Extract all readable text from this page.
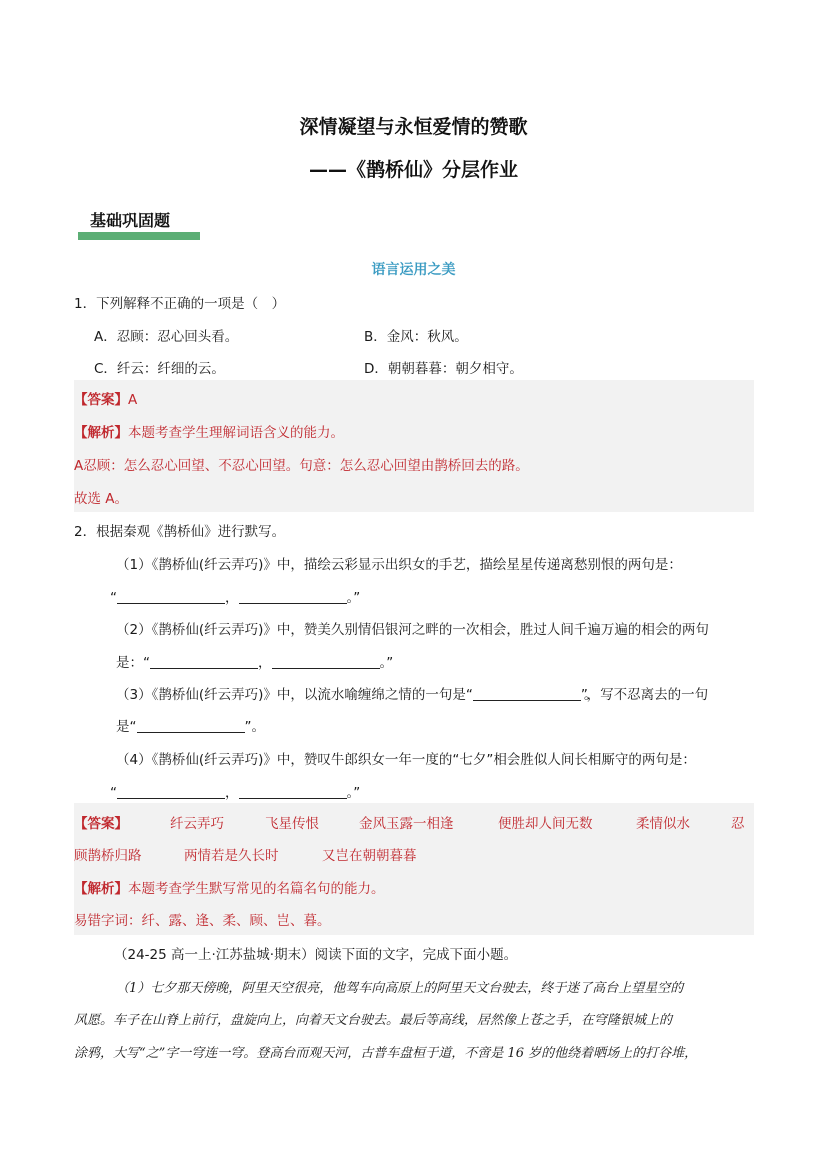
深情凝望与永恒爱情的赞歌
——《鹊桥仙》分层作业
基础巩固题
语言运用之美
1．下列解释不正确的一项是（　）
A．忍顾：忍心回头看。	B．金风：秋风。
C．纤云：纤细的云。	D．朝朝暮暮：朝夕相守。
【答案】A
【解析】本题考查学生理解词语含义的能力。
A忍顾：怎么忍心回望、不忍心回望。句意：怎么忍心回望由鹊桥回去的路。
故选 A。
2．根据秦观《鹊桥仙》进行默写。
（1）《鹊桥仙(纤云弄巧)》中，描绘云彩显示出织女的手艺，描绘星星传递离愁别恨的两句是：
“	，	。”
（2）《鹊桥仙(纤云弄巧)》中，赞美久别情侣银河之畔的一次相会，胜过人间千遍万遍的相会的两句
是：“	，	。”
（3）《鹊桥仙(纤云弄巧)》中，以流水喻缠绵之情的一句是“	”。，写不忍离去的一句
是“	”。
（4）《鹊桥仙(纤云弄巧)》中，赞叹牛郎织女一年一度的“七夕”相会胜似人间长相厮守的两句是：
“	，	。”
【答案】	纤云弄巧	飞星传恨	金风玉露一相逢	便胜却人间无数	柔情似水	忍
顾鹊桥归路	两情若是久长时	又岂在朝朝暮暮
【解析】本题考查学生默写常见的名篇名句的能力。
易错字词：纤、露、逢、柔、顾、岂、暮。
（24-25 高一上·江苏盐城·期末）阅读下面的文字，完成下面小题。
（1）七夕那天傍晚，阿里天空很亮，他驾车向高原上的阿里天文台驶去，终于迷了高台上望星空的
风愿。车子在山脊上前行，盘旋向上，向着天文台驶去。最后等高线，居然像上苍之手，在穹隆银城上的
涂鸦，大写“之”字一穹连一穹。登高台而观天河，古普车盘桓于道，不啻是 16 岁的他绕着晒场上的打谷堆，
